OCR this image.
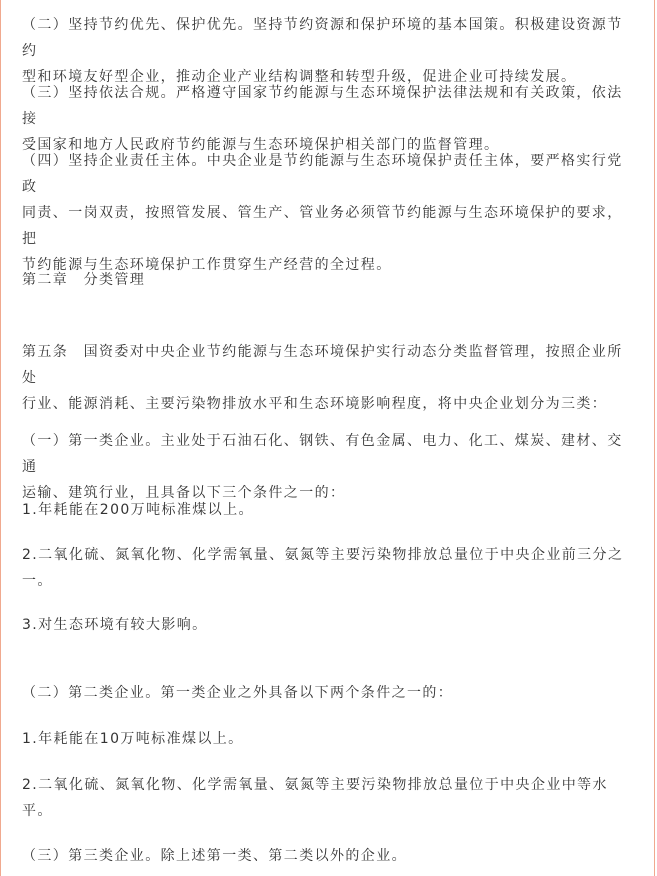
（二）坚持节约优先、保护优先。坚持节约资源和保护环境的基本国策。积极建设资源节约
型和环境友好型企业，推动企业产业结构调整和转型升级，促进企业可持续发展。
（三）坚持依法合规。严格遵守国家节约能源与生态环境保护法律法规和有关政策，依法接
受国家和地方人民政府节约能源与生态环境保护相关部门的监督管理。
（四）坚持企业责任主体。中央企业是节约能源与生态环境保护责任主体，要严格实行党政
同责、一岗双责，按照管发展、管生产、管业务必须管节约能源与生态环境保护的要求，把
节约能源与生态环境保护工作贯穿生产经营的全过程。
第二章　分类管理
第五条　国资委对中央企业节约能源与生态环境保护实行动态分类监督管理，按照企业所处
行业、能源消耗、主要污染物排放水平和生态环境影响程度，将中央企业划分为三类：
（一）第一类企业。主业处于石油石化、钢铁、有色金属、电力、化工、煤炭、建材、交通
运输、建筑行业，且具备以下三个条件之一的：
1.年耗能在200万吨标准煤以上。
2.二氧化硫、氮氧化物、化学需氧量、氨氮等主要污染物排放总量位于中央企业前三分之
一。
3.对生态环境有较大影响。
（二）第二类企业。第一类企业之外具备以下两个条件之一的：
1.年耗能在10万吨标准煤以上。
2.二氧化硫、氮氧化物、化学需氧量、氨氮等主要污染物排放总量位于中央企业中等水平。
（三）第三类企业。除上述第一类、第二类以外的企业。
